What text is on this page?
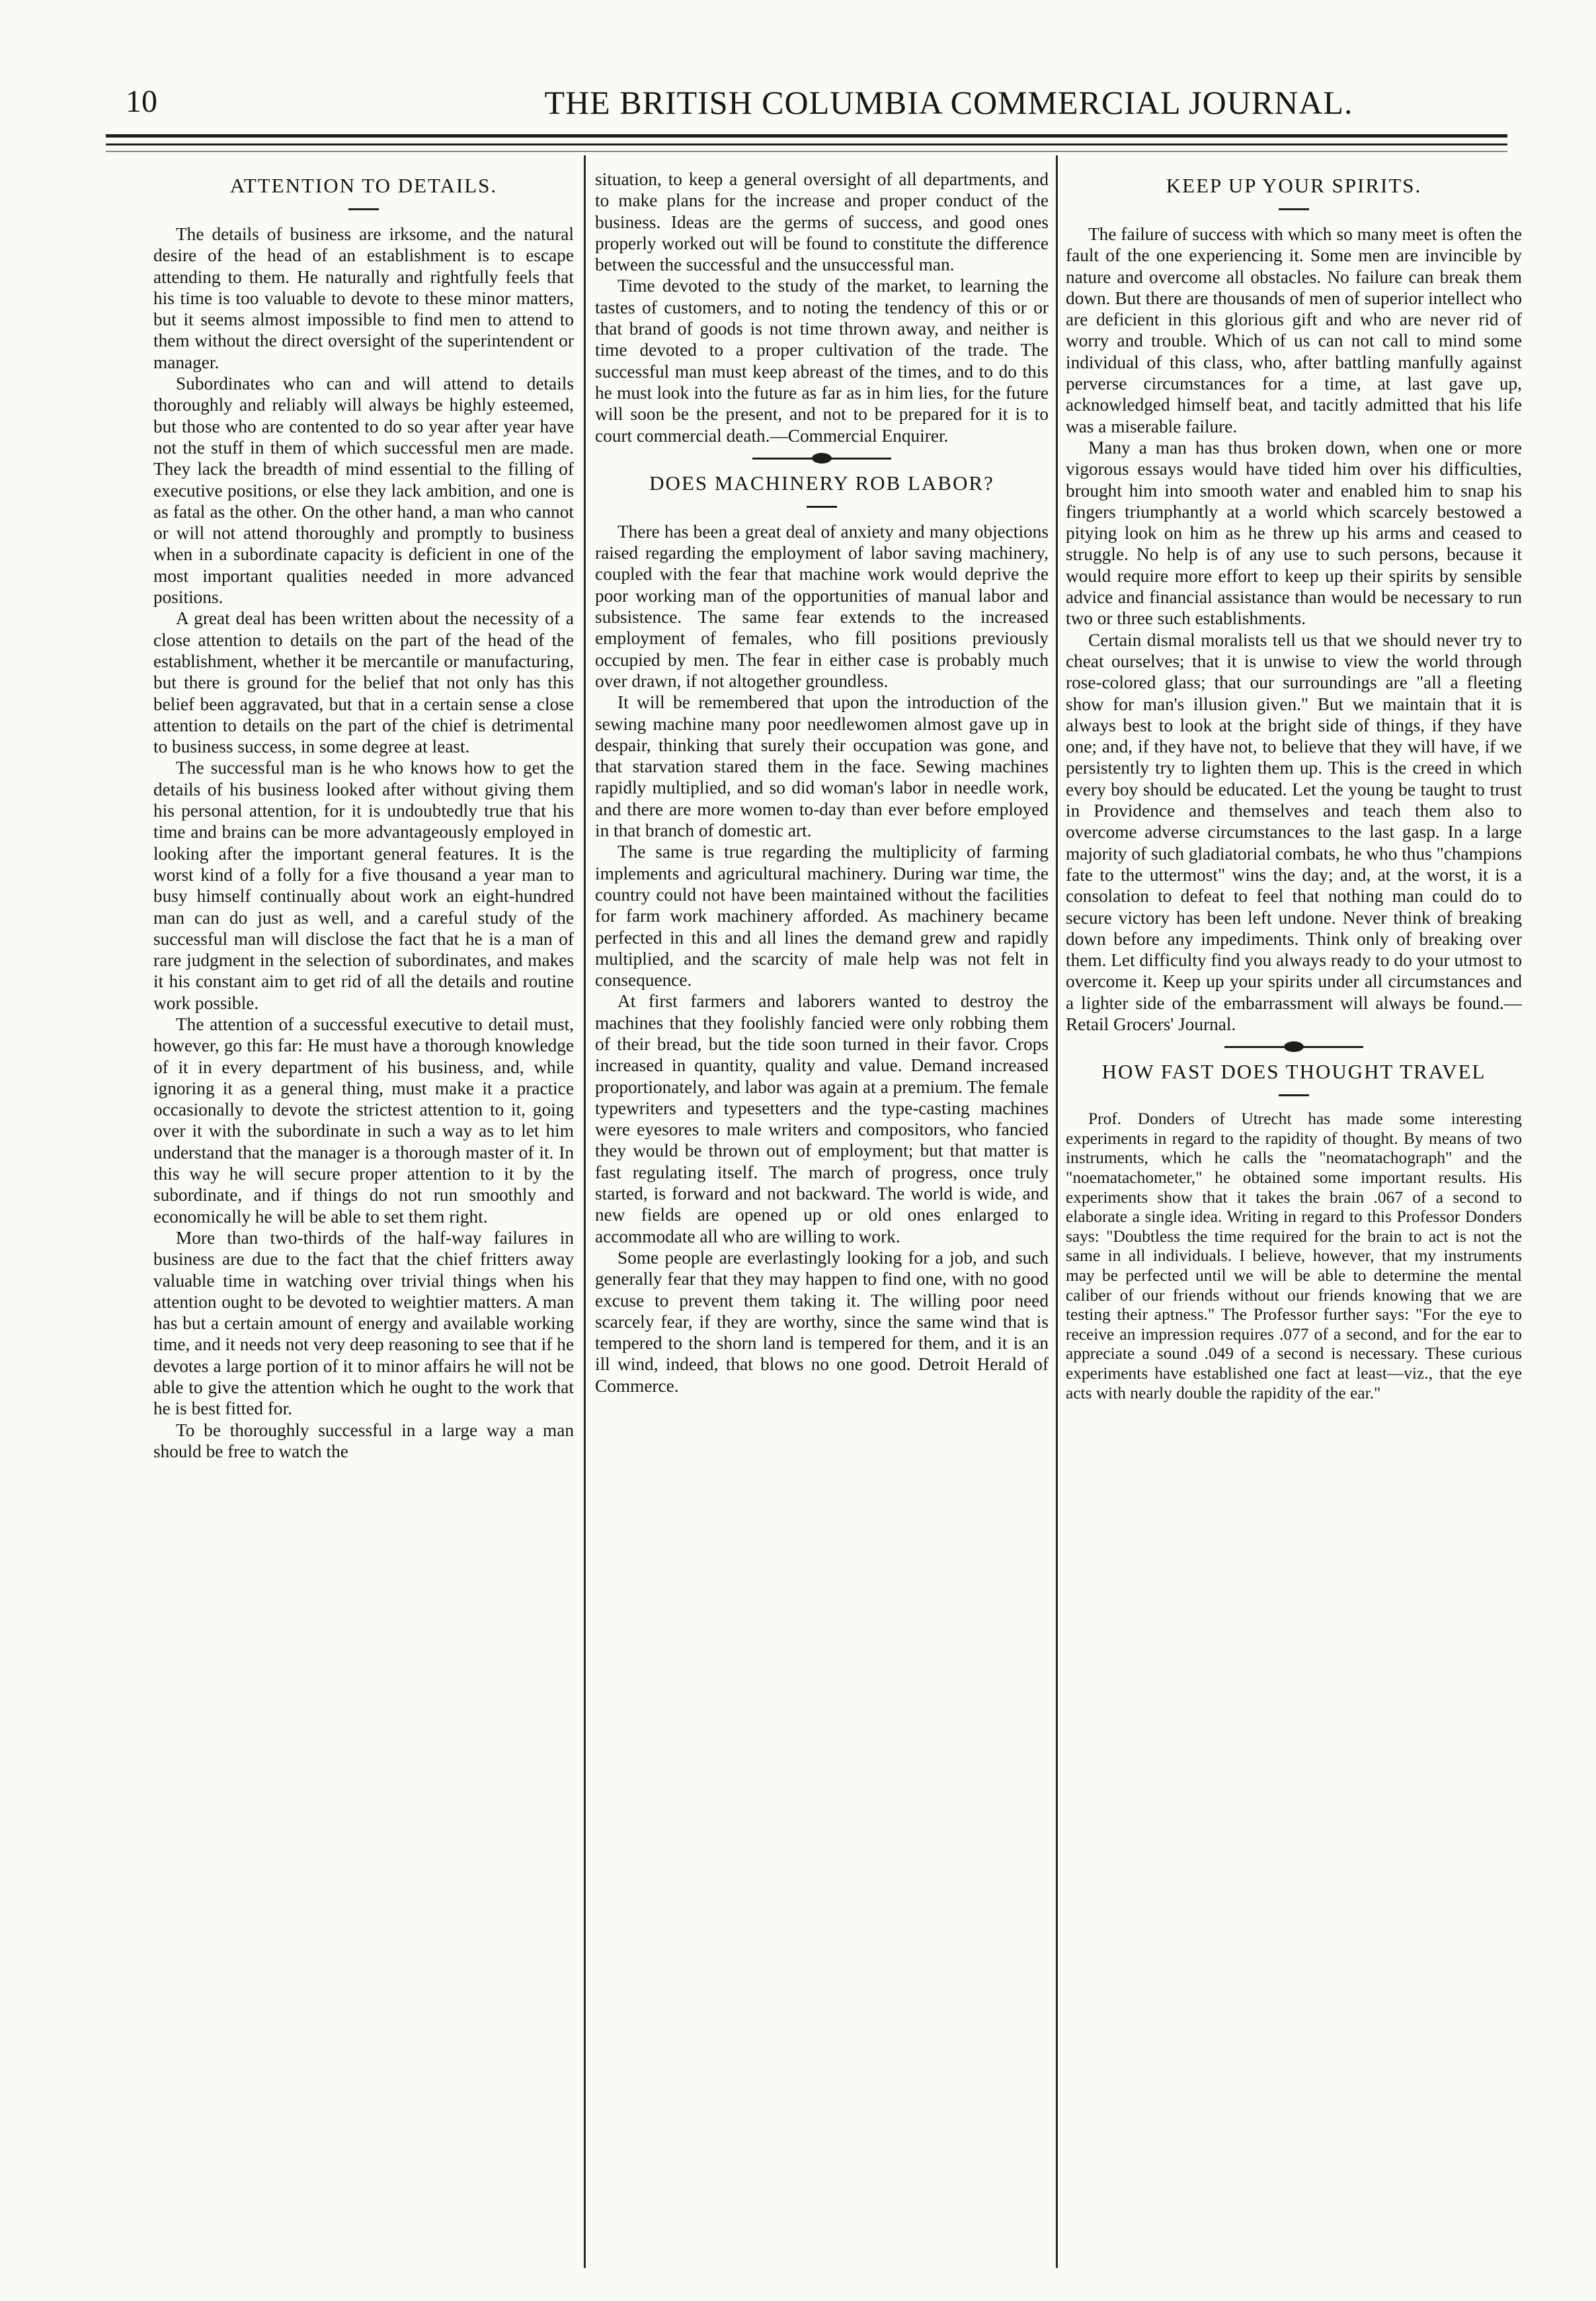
10	THE BRITISH COLUMBIA COMMERCIAL JOURNAL.
ATTENTION TO DETAILS.

The details of business are irksome, and the natural desire of the head of an establishment is to escape attending to them. He naturally and rightfully feels that his time is too valuable to devote to these minor matters, but it seems almost impossible to find men to attend to them without the direct oversight of the superintendent or manager.

Subordinates who can and will attend to details thoroughly and reliably will always be highly esteemed, but those who are contented to do so year after year have not the stuff in them of which successful men are made. They lack the breadth of mind essential to the filling of executive positions, or else they lack ambition, and one is as fatal as the other. On the other hand, a man who cannot or will not attend thoroughly and promptly to business when in a subordinate capacity is deficient in one of the most important qualities needed in more advanced positions.

A great deal has been written about the necessity of a close attention to details on the part of the head of the establishment, whether it be mercantile or manufacturing, but there is ground for the belief that not only has this belief been aggravated, but that in a certain sense a close attention to details on the part of the chief is detrimental to business success, in some degree at least.

The successful man is he who knows how to get the details of his business looked after without giving them his personal attention, for it is undoubtedly true that his time and brains can be more advantageously employed in looking after the important general features. It is the worst kind of a folly for a five thousand a year man to busy himself continually about work an eight-hundred man can do just as well, and a careful study of the successful man will disclose the fact that he is a man of rare judgment in the selection of subordinates, and makes it his constant aim to get rid of all the details and routine work possible.

The attention of a successful executive to detail must, however, go this far: He must have a thorough knowledge of it in every department of his business, and, while ignoring it as a general thing, must make it a practice occasionally to devote the strictest attention to it, going over it with the subordinate in such a way as to let him understand that the manager is a thorough master of it. In this way he will secure proper attention to it by the subordinate, and if things do not run smoothly and economically he will be able to set them right.

More than two-thirds of the half-way failures in business are due to the fact that the chief fritters away valuable time in watching over trivial things when his attention ought to be devoted to weightier matters. A man has but a certain amount of energy and available working time, and it needs not very deep reasoning to see that if he devotes a large portion of it to minor affairs he will not be able to give the attention which he ought to the work that he is best fitted for.

To be thoroughly successful in a large way a man should be free to watch the

situation, to keep a general oversight of all departments, and to make plans for the increase and proper conduct of the business. Ideas are the germs of success, and good ones properly worked out will be found to constitute the difference between the successful and the unsuccessful man.

Time devoted to the study of the market, to learning the tastes of customers, and to noting the tendency of this or or that brand of goods is not time thrown away, and neither is time devoted to a proper cultivation of the trade. The successful man must keep abreast of the times, and to do this he must look into the future as far as in him lies, for the future will soon be the present, and not to be prepared for it is to court commercial death.—Commercial Enquirer.

DOES MACHINERY ROB LABOR?

There has been a great deal of anxiety and many objections raised regarding the employment of labor saving machinery, coupled with the fear that machine work would deprive the poor working man of the opportunities of manual labor and subsistence. The same fear extends to the increased employment of females, who fill positions previously occupied by men. The fear in either case is probably much over drawn, if not altogether groundless.

It will be remembered that upon the introduction of the sewing machine many poor needlewomen almost gave up in despair, thinking that surely their occupation was gone, and that starvation stared them in the face. Sewing machines rapidly multiplied, and so did woman's labor in needle work, and there are more women to-day than ever before employed in that branch of domestic art.

The same is true regarding the multiplicity of farming implements and agricultural machinery. During war time, the country could not have been maintained without the facilities for farm work machinery afforded. As machinery became perfected in this and all lines the demand grew and rapidly multiplied, and the scarcity of male help was not felt in consequence.

At first farmers and laborers wanted to destroy the machines that they foolishly fancied were only robbing them of their bread, but the tide soon turned in their favor. Crops increased in quantity, quality and value. Demand increased proportionately, and labor was again at a premium. The female typewriters and typesetters and the type-casting machines were eyesores to male writers and compositors, who fancied they would be thrown out of employment; but that matter is fast regulating itself. The march of progress, once truly started, is forward and not backward. The world is wide, and new fields are opened up or old ones enlarged to accommodate all who are willing to work.

Some people are everlastingly looking for a job, and such generally fear that they may happen to find one, with no good excuse to prevent them taking it. The willing poor need scarcely fear, if they are worthy, since the same wind that is tempered to the shorn land is tempered for them, and it is an ill wind, indeed, that blows no one good. Detroit Herald of Commerce.

KEEP UP YOUR SPIRITS.

The failure of success with which so many meet is often the fault of the one experiencing it. Some men are invincible by nature and overcome all obstacles. No failure can break them down. But there are thousands of men of superior intellect who are deficient in this glorious gift and who are never rid of worry and trouble. Which of us can not call to mind some individual of this class, who, after battling manfully against perverse circumstances for a time, at last gave up, acknowledged himself beat, and tacitly admitted that his life was a miserable failure.

Many a man has thus broken down, when one or more vigorous essays would have tided him over his difficulties, brought him into smooth water and enabled him to snap his fingers triumphantly at a world which scarcely bestowed a pitying look on him as he threw up his arms and ceased to struggle. No help is of any use to such persons, because it would require more effort to keep up their spirits by sensible advice and financial assistance than would be necessary to run two or three such establishments.

Certain dismal moralists tell us that we should never try to cheat ourselves; that it is unwise to view the world through rose-colored glass; that our surroundings are "all a fleeting show for man's illusion given." But we maintain that it is always best to look at the bright side of things, if they have one; and, if they have not, to believe that they will have, if we persistently try to lighten them up. This is the creed in which every boy should be educated. Let the young be taught to trust in Providence and themselves and teach them also to overcome adverse circumstances to the last gasp. In a large majority of such gladiatorial combats, he who thus "champions fate to the uttermost" wins the day; and, at the worst, it is a consolation to defeat to feel that nothing man could do to secure victory has been left undone. Never think of breaking down before any impediments. Think only of breaking over them. Let difficulty find you always ready to do your utmost to overcome it. Keep up your spirits under all circumstances and a lighter side of the embarrassment will always be found.—Retail Grocers' Journal.

HOW FAST DOES THOUGHT TRAVEL

Prof. Donders of Utrecht has made some interesting experiments in regard to the rapidity of thought. By means of two instruments, which he calls the "neomatachograph" and the "noematachometer," he obtained some important results. His experiments show that it takes the brain .067 of a second to elaborate a single idea. Writing in regard to this Professor Donders says: "Doubtless the time required for the brain to act is not the same in all individuals. I believe, however, that my instruments may be perfected until we will be able to determine the mental caliber of our friends without our friends knowing that we are testing their aptness." The Professor further says: "For the eye to receive an impression requires .077 of a second, and for the ear to appreciate a sound .049 of a second is necessary. These curious experiments have established one fact at least—viz., that the eye acts with nearly double the rapidity of the ear."
